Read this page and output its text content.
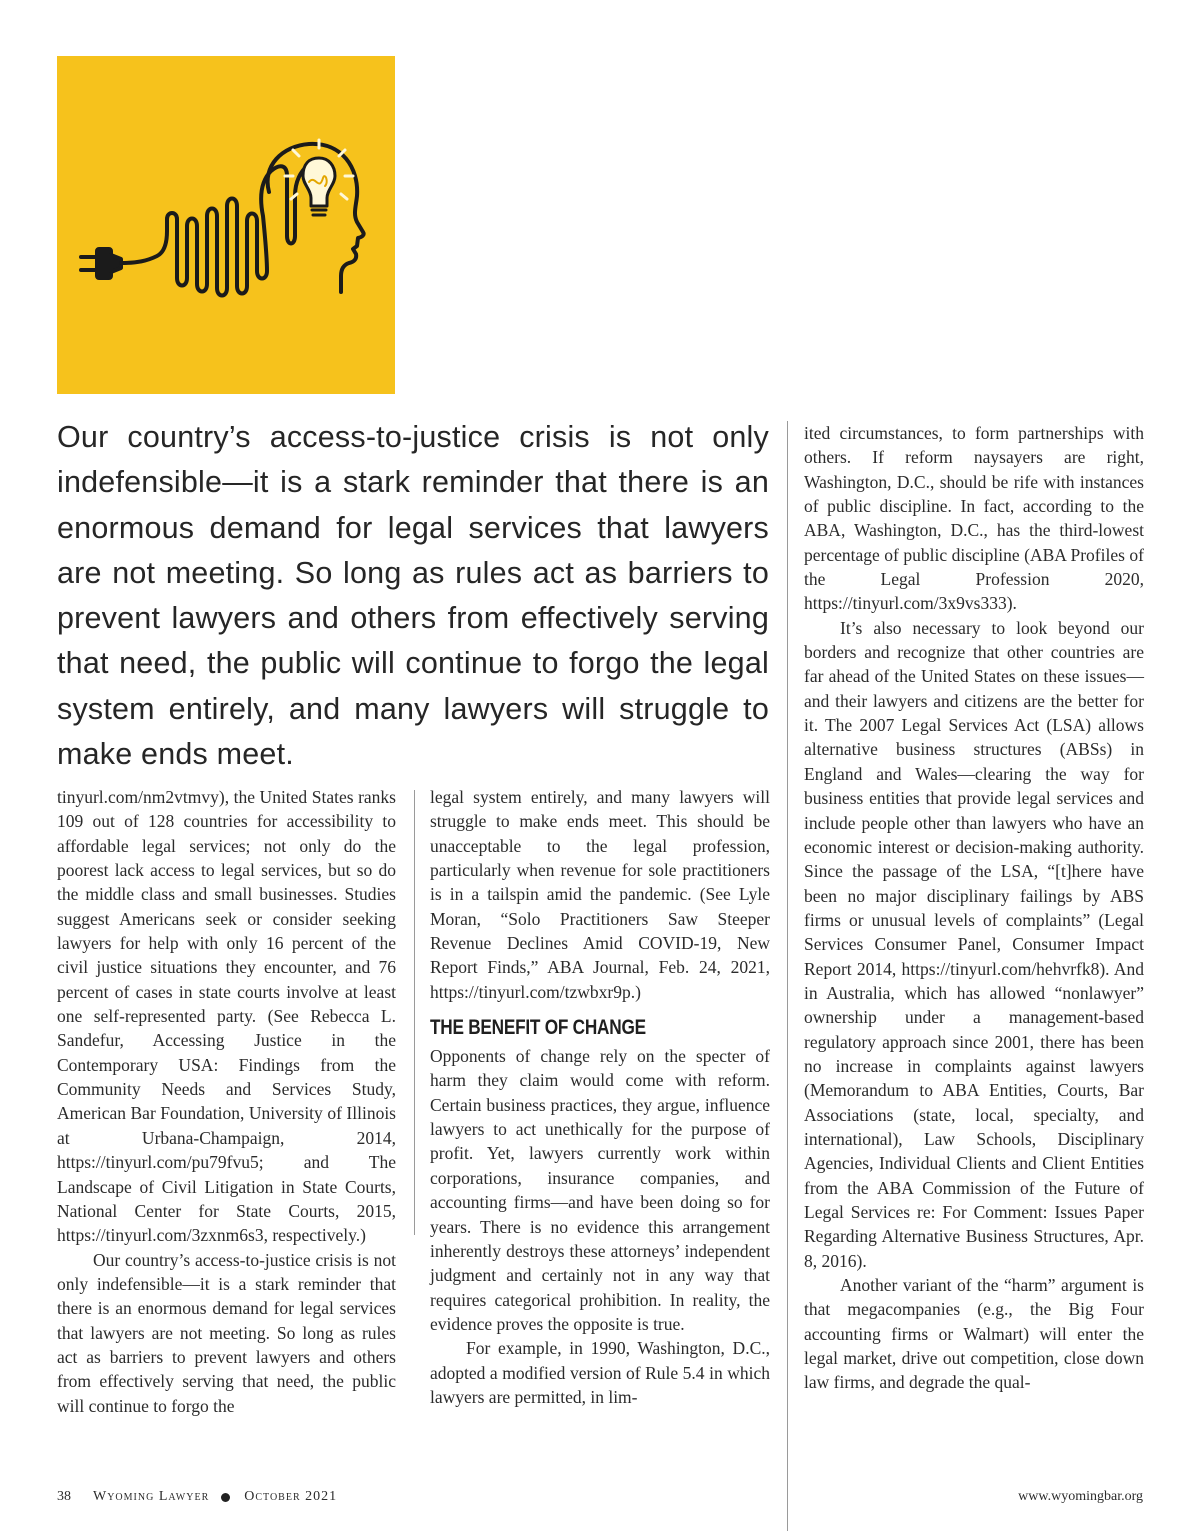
Our country’s access-to-justice crisis is not only indefensible—it is a stark reminder that there is an enormous demand for legal services that lawyers are not meeting. So long as rules act as barriers to prevent lawyers and others from effectively serving that need, the public will continue to forgo the legal system entirely, and many lawyers will struggle to make ends meet.

tinyurl.com/nm2vtmvy), the United States ranks 109 out of 128 countries for accessibility to affordable legal services; not only do the poorest lack access to legal services, but so do the middle class and small businesses. Studies suggest Americans seek or consider seeking lawyers for help with only 16 percent of the civil justice situations they encounter, and 76 percent of cases in state courts involve at least one self-represented party. (See Rebecca L. Sandefur, Accessing Justice in the Contemporary USA: Findings from the Community Needs and Services Study, American Bar Foundation, University of Illinois at Urbana-Champaign, 2014, https://tinyurl.com/pu79fvu5; and The Landscape of Civil Litigation in State Courts, National Center for State Courts, 2015, https://tinyurl.com/3zxnm6s3, respectively.)

Our country’s access-to-justice crisis is not only indefensible—it is a stark reminder that there is an enormous demand for legal services that lawyers are not meeting. So long as rules act as barriers to prevent lawyers and others from effectively serving that need, the public will continue to forgo the

legal system entirely, and many lawyers will struggle to make ends meet. This should be unacceptable to the legal profession, particularly when revenue for sole practitioners is in a tailspin amid the pandemic. (See Lyle Moran, “Solo Practitioners Saw Steeper Revenue Declines Amid COVID-19, New Report Finds,” ABA Journal, Feb. 24, 2021, https://tinyurl.com/tzwbxr9p.)

THE BENEFIT OF CHANGE

Opponents of change rely on the specter of harm they claim would come with reform. Certain business practices, they argue, influence lawyers to act unethically for the purpose of profit. Yet, lawyers currently work within corporations, insurance companies, and accounting firms—and have been doing so for years. There is no evidence this arrangement inherently destroys these attorneys’ independent judgment and certainly not in any way that requires categorical prohibition. In reality, the evidence proves the opposite is true.

For example, in 1990, Washington, D.C., adopted a modified version of Rule 5.4 in which lawyers are permitted, in lim-

ited circumstances, to form partnerships with others. If reform naysayers are right, Washington, D.C., should be rife with instances of public discipline. In fact, according to the ABA, Washington, D.C., has the third-lowest percentage of public discipline (ABA Profiles of the Legal Profession 2020, https://tinyurl.com/3x9vs333).

It’s also necessary to look beyond our borders and recognize that other countries are far ahead of the United States on these issues—and their lawyers and citizens are the better for it. The 2007 Legal Services Act (LSA) allows alternative business structures (ABSs) in England and Wales—clearing the way for business entities that provide legal services and include people other than lawyers who have an economic interest or decision-making authority. Since the passage of the LSA, “[t]here have been no major disciplinary failings by ABS firms or unusual levels of complaints” (Legal Services Consumer Panel, Consumer Impact Report 2014, https://tinyurl.com/hehvrfk8). And in Australia, which has allowed “nonlawyer” ownership under a management-based regulatory approach since 2001, there has been no increase in complaints against lawyers (Memorandum to ABA Entities, Courts, Bar Associations (state, local, specialty, and international), Law Schools, Disciplinary Agencies, Individual Clients and Client Entities from the ABA Commission of the Future of Legal Services re: For Comment: Issues Paper Regarding Alternative Business Structures, Apr. 8, 2016).

Another variant of the “harm” argument is that megacompanies (e.g., the Big Four accounting firms or Walmart) will enter the legal market, drive out competition, close down law firms, and degrade the qual-

38 Wyoming Lawyer	October 2021	www.wyomingbar.org
